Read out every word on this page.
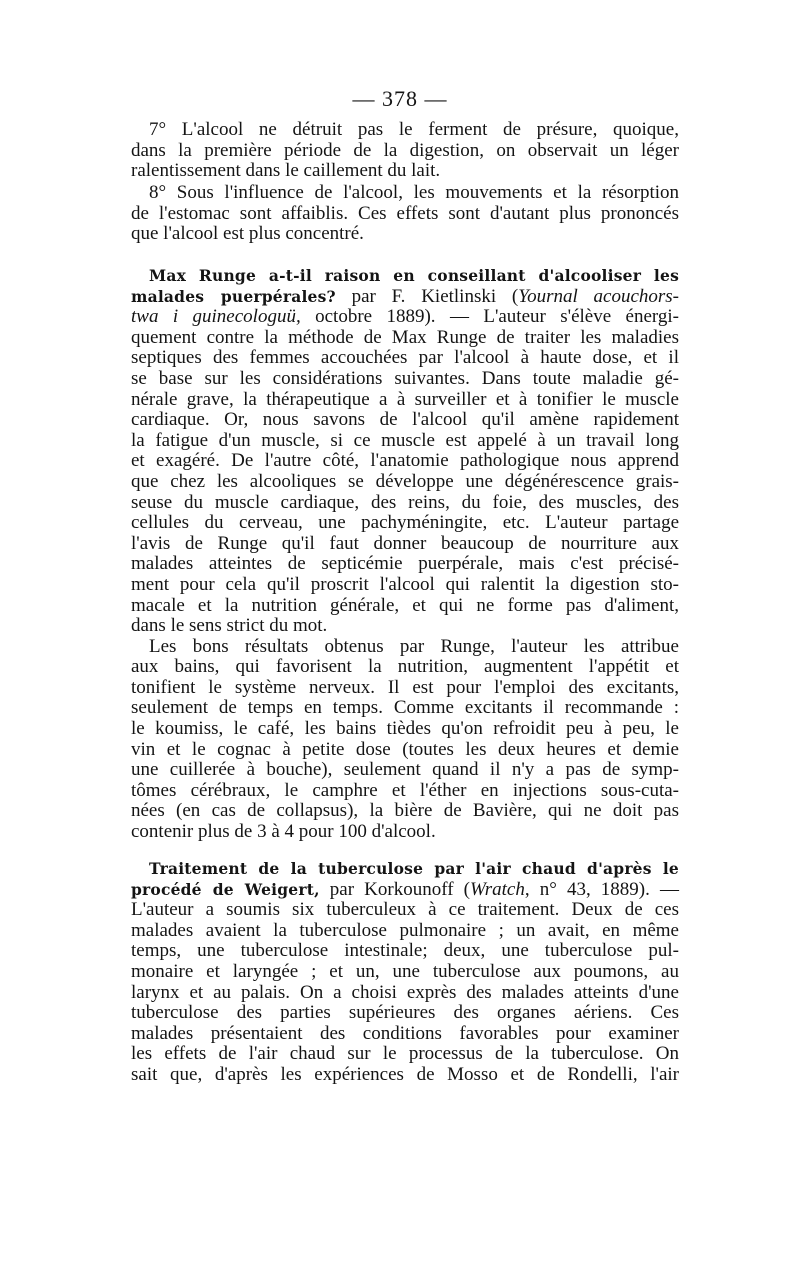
— 378 —
7° L'alcool ne détruit pas le ferment de présure, quoique,
dans la première période de la digestion, on observait un léger
ralentissement dans le caillement du lait.
8° Sous l'influence de l'alcool, les mouvements et la résorption
de l'estomac sont affaiblis. Ces effets sont d'autant plus prononcés
que l'alcool est plus concentré.
Max Runge a-t-il raison en conseillant d'alcooliser les
malades puerpérales? par F. Kietlinski (Yournal acouchors-
twa i guinecologuü, octobre 1889). — L'auteur s'élève énergi-
quement contre la méthode de Max Runge de traiter les maladies
septiques des femmes accouchées par l'alcool à haute dose, et il
se base sur les considérations suivantes. Dans toute maladie gé-
nérale grave, la thérapeutique a à surveiller et à tonifier le muscle
cardiaque. Or, nous savons de l'alcool qu'il amène rapidement
la fatigue d'un muscle, si ce muscle est appelé à un travail long
et exagéré. De l'autre côté, l'anatomie pathologique nous apprend
que chez les alcooliques se développe une dégénérescence grais-
seuse du muscle cardiaque, des reins, du foie, des muscles, des
cellules du cerveau, une pachyméningite, etc. L'auteur partage
l'avis de Runge qu'il faut donner beaucoup de nourriture aux
malades atteintes de septicémie puerpérale, mais c'est précisé-
ment pour cela qu'il proscrit l'alcool qui ralentit la digestion sto-
macale et la nutrition générale, et qui ne forme pas d'aliment,
dans le sens strict du mot.
Les bons résultats obtenus par Runge, l'auteur les attribue
aux bains, qui favorisent la nutrition, augmentent l'appétit et
tonifient le système nerveux. Il est pour l'emploi des excitants,
seulement de temps en temps. Comme excitants il recommande :
le koumiss, le café, les bains tièdes qu'on refroidit peu à peu, le
vin et le cognac à petite dose (toutes les deux heures et demie
une cuillerée à bouche), seulement quand il n'y a pas de symp-
tômes cérébraux, le camphre et l'éther en injections sous-cuta-
nées (en cas de collapsus), la bière de Bavière, qui ne doit pas
contenir plus de 3 à 4 pour 100 d'alcool.
Traitement de la tuberculose par l'air chaud d'après le
procédé de Weigert, par Korkounoff (Wratch, n° 43, 1889). —
L'auteur a soumis six tuberculeux à ce traitement. Deux de ces
malades avaient la tuberculose pulmonaire ; un avait, en même
temps, une tuberculose intestinale; deux, une tuberculose pul-
monaire et laryngée ; et un, une tuberculose aux poumons, au
larynx et au palais. On a choisi exprès des malades atteints d'une
tuberculose des parties supérieures des organes aériens. Ces
malades présentaient des conditions favorables pour examiner
les effets de l'air chaud sur le processus de la tuberculose. On
sait que, d'après les expériences de Mosso et de Rondelli, l'air
